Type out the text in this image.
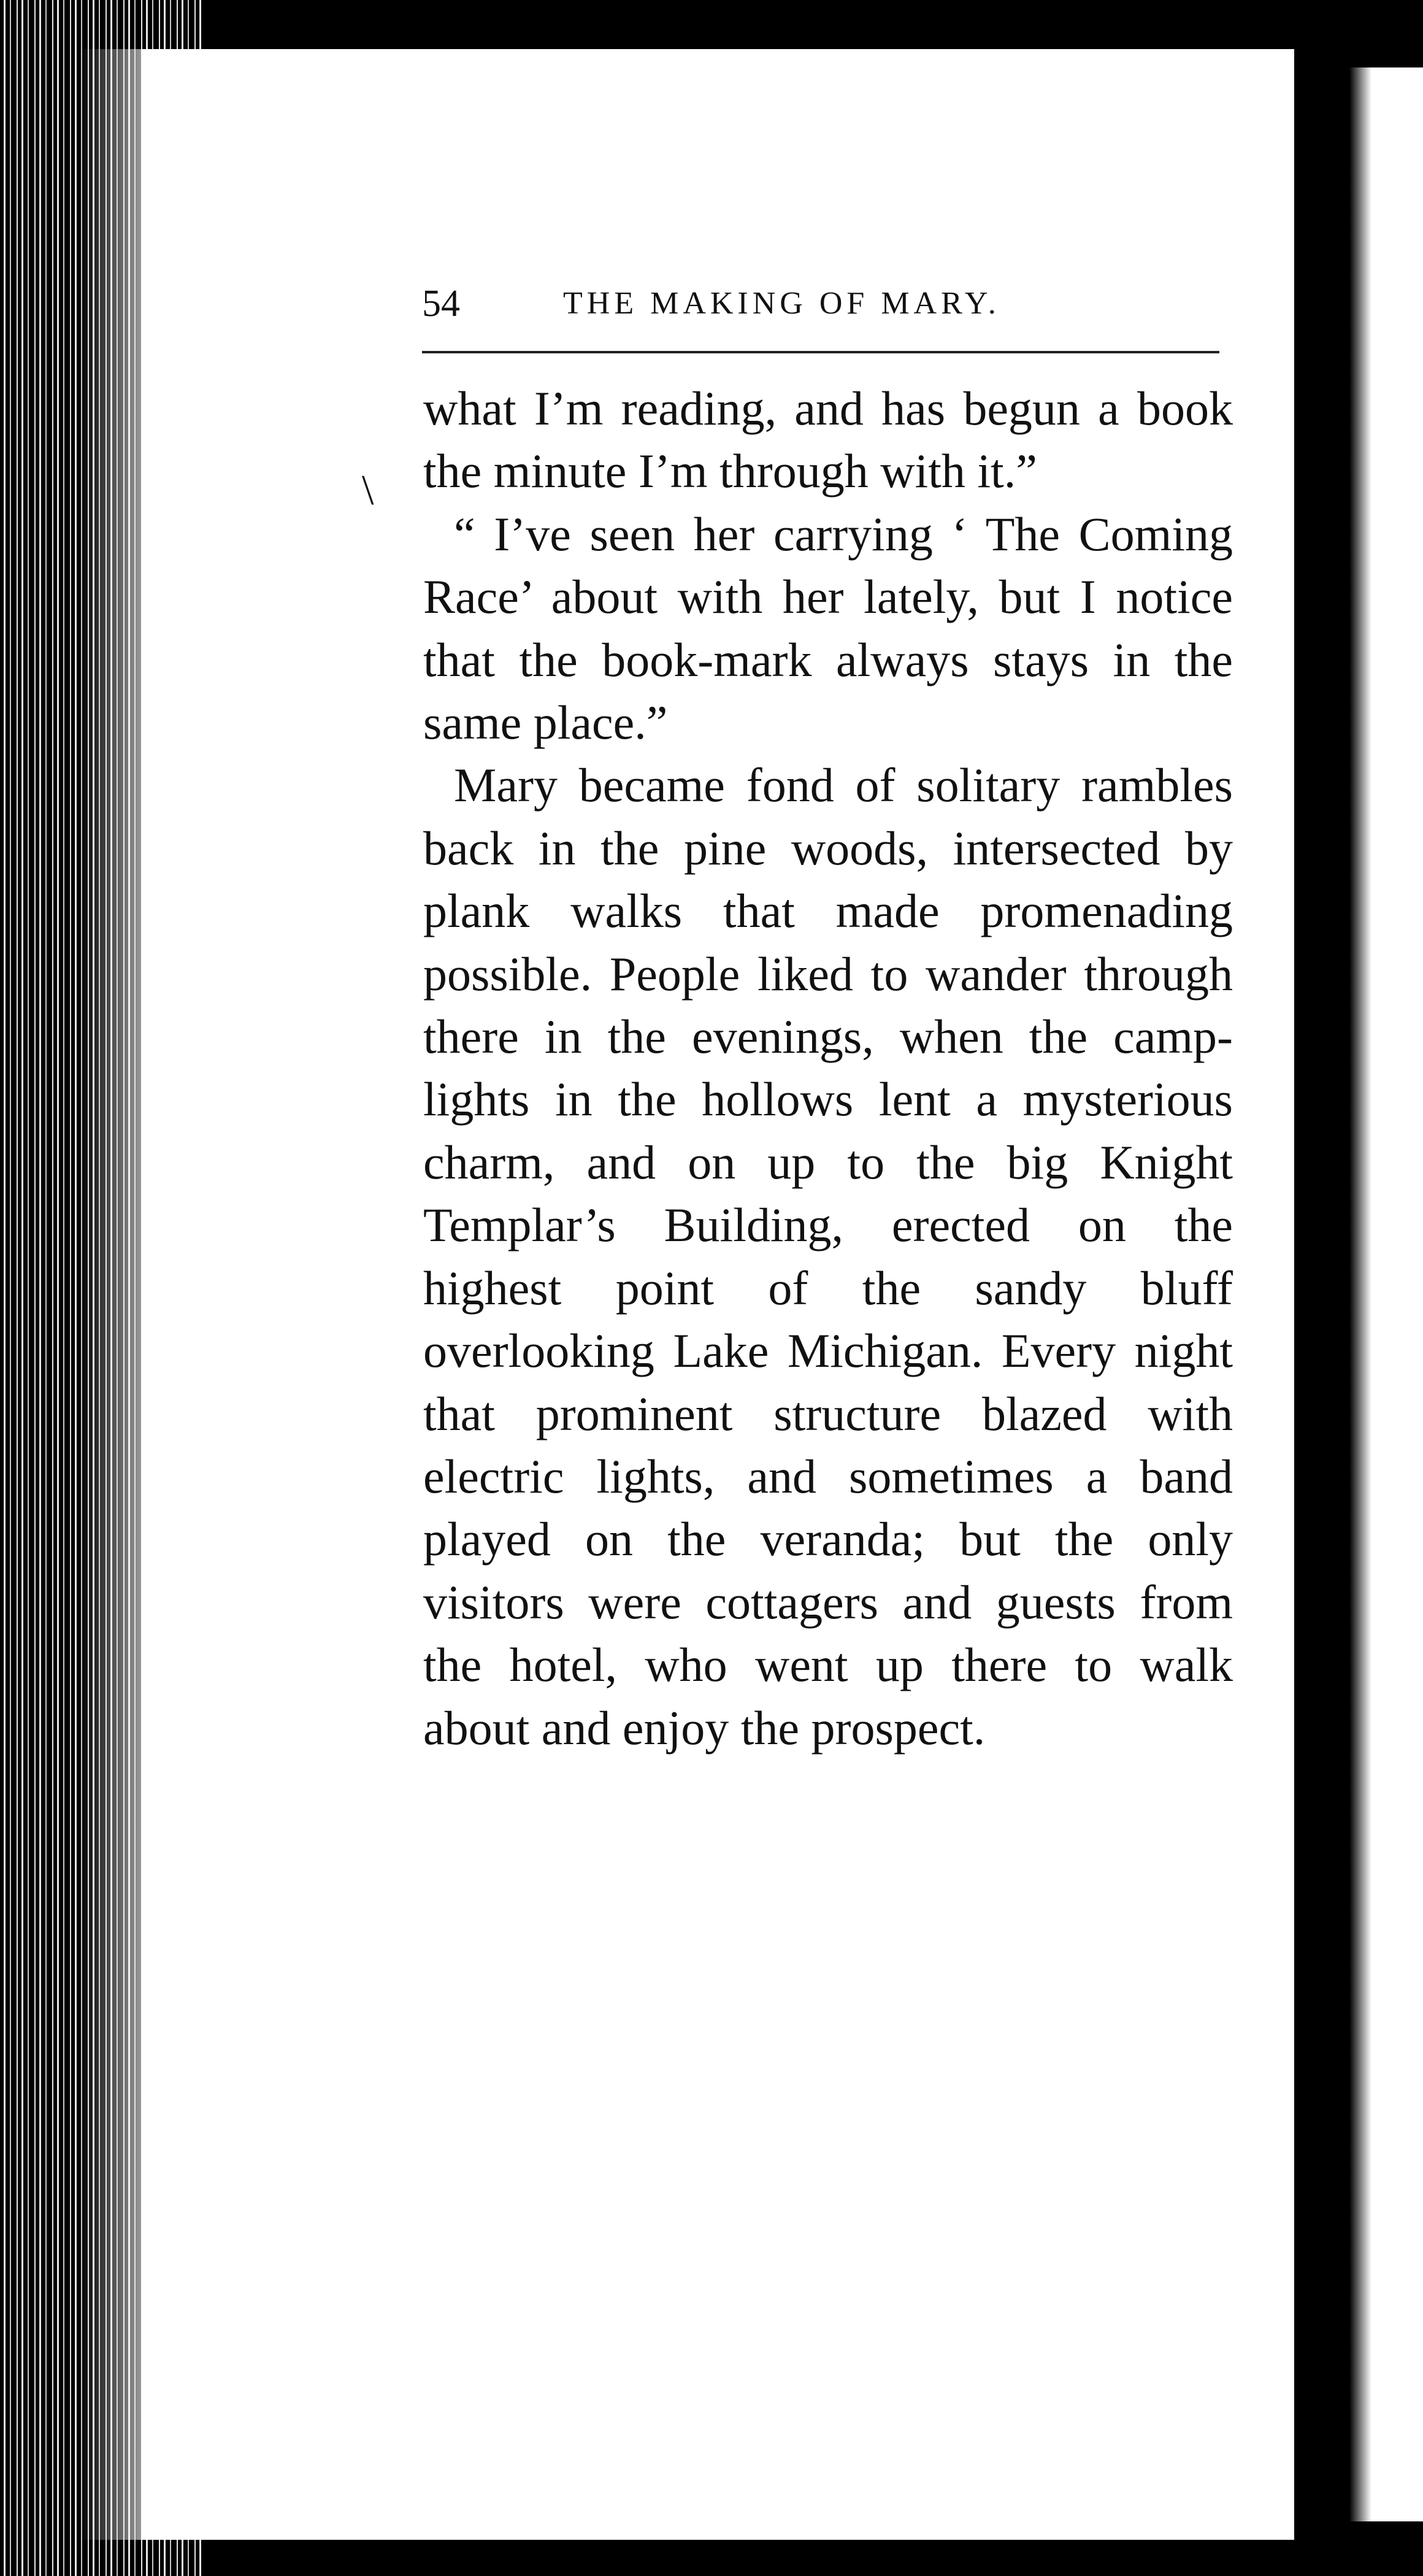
54	THE MAKING OF MARY.
\

what I’m reading, and has begun a book the minute I’m through with it.”

“ I’ve seen her carrying ‘ The Coming Race’ about with her lately, but I notice that the book-mark always stays in the same place.”

Mary became fond of solitary rambles back in the pine woods, intersected by plank walks that made promenading possible. People liked to wander through there in the evenings, when the camp-lights in the hollows lent a mysterious charm, and on up to the big Knight Templar’s Building, erected on the highest point of the sandy bluff overlooking Lake Michigan. Every night that prominent structure blazed with electric lights, and sometimes a band played on the veranda; but the only visitors were cottagers and guests from the hotel, who went up there to walk about and enjoy the prospect.
